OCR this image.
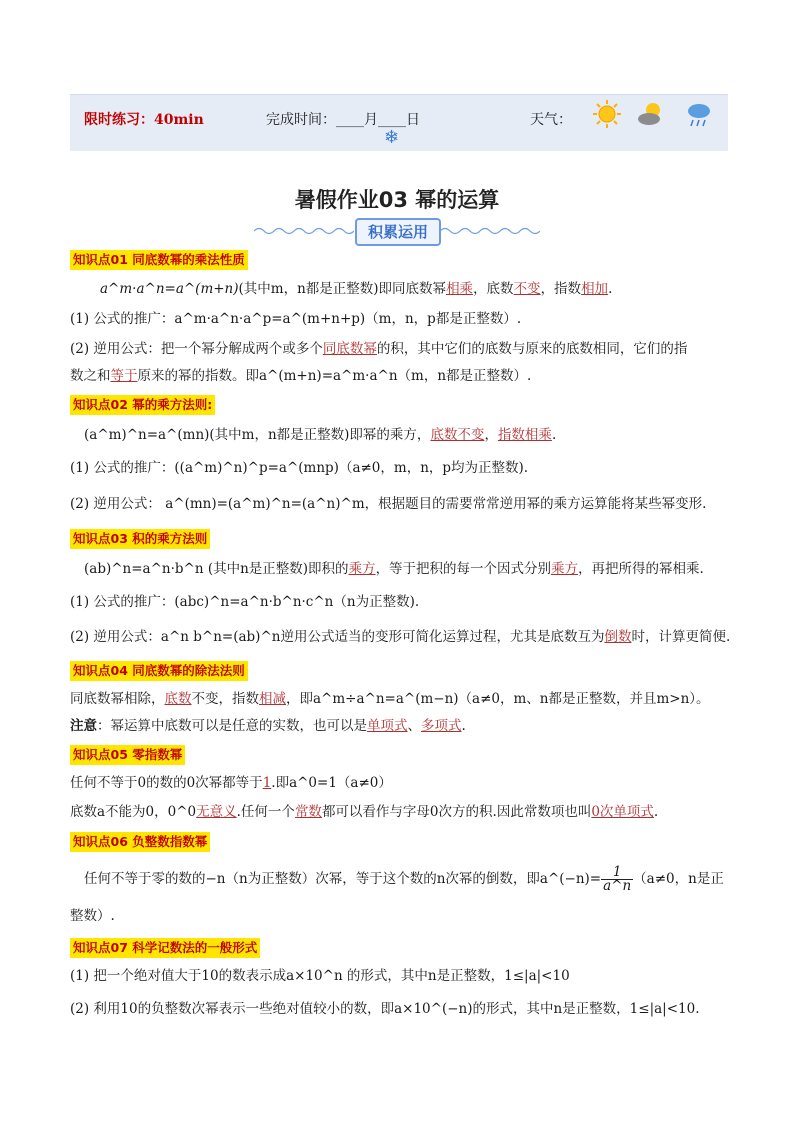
限时练习：40min	完成时间：____月____日	天气：
❄
暑假作业03 幂的运算
积累运用
知识点01 同底数幂的乘法性质
a^m·a^n=a^(m+n)(其中m，n都是正整数)即同底数幂相乘，底数不变，指数相加.
(1) 公式的推广：a^m·a^n·a^p=a^(m+n+p)（m，n，p都是正整数）.
(2) 逆用公式：把一个幂分解成两个或多个同底数幂的积，其中它们的底数与原来的底数相同，它们的指
数之和等于原来的幂的指数。即a^(m+n)=a^m·a^n（m，n都是正整数）.
知识点02 幂的乘方法则:
(a^m)^n=a^(mn)(其中m，n都是正整数)即幂的乘方，底数不变，指数相乘.
(1) 公式的推广：((a^m)^n)^p=a^(mnp)（a≠0，m，n，p均为正整数).
(2) 逆用公式： a^(mn)=(a^m)^n=(a^n)^m，根据题目的需要常常逆用幂的乘方运算能将某些幂变形.
知识点03 积的乘方法则
(ab)^n=a^n·b^n (其中n是正整数)即积的乘方，等于把积的每一个因式分别乘方，再把所得的幂相乘.
(1) 公式的推广：(abc)^n=a^n·b^n·c^n（n为正整数).
(2) 逆用公式：a^n b^n=(ab)^n逆用公式适当的变形可简化运算过程，尤其是底数互为倒数时，计算更简便.
知识点04 同底数幂的除法法则
同底数幂相除，底数不变，指数相减，即a^m÷a^n=a^(m−n)（a≠0，m、n都是正整数，并且m>n）。
注意：幂运算中底数可以是任意的实数，也可以是单项式、多项式.
知识点05 零指数幂
任何不等于0的数的0次幂都等于1.即a^0=1（a≠0）
底数a不能为0，0^0无意义.任何一个常数都可以看作与字母0次方的积.因此常数项也叫0次单项式.
知识点06 负整数指数幂
任何不等于零的数的−n（n为正整数）次幂，等于这个数的n次幂的倒数，即a^(−n)= $\frac{1}{a\^{}n} (a\ne 0$，n是正
整数）.
知识点07 科学记数法的一般形式
(1) 把一个绝对值大于10的数表示成a×10^n 的形式，其中n是正整数，1≤|a|<10
(2) 利用10的负整数次幂表示一些绝对值较小的数，即a×10^(−n)的形式，其中n是正整数，1≤|a|<10.
